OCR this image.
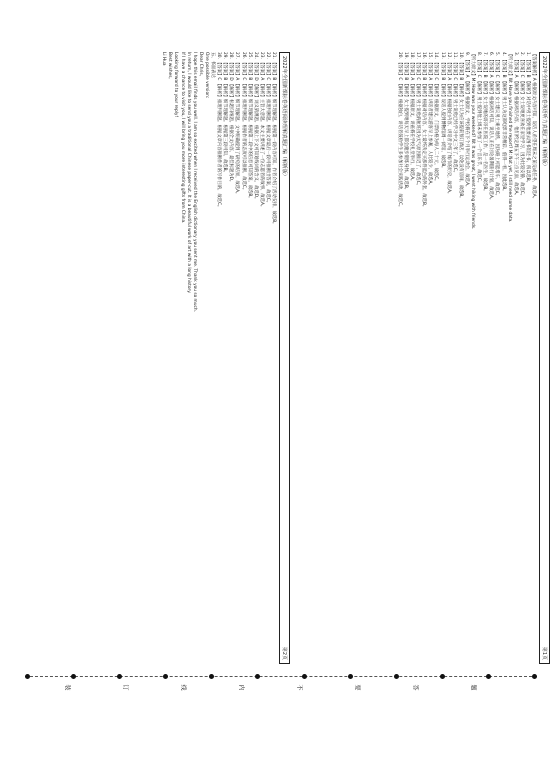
2022年全国新课标卷英语听力真题汇编（解析版）
第1页

【答案解析】A 根据原文内容可知，说话人希望在周末之前完成任务，故选A。

1. 【答案】B 【解析】对话中男士提到他要去图书馆还书，所以选B。

2. 【答案】C 【解析】女士说她更喜欢在家里学习，因为比较安静，故选C。

3. 【答案】A 【解析】根据对话内容，他们约定周五下午三点见面，故选A。

【听力原文】W: Have you finished the report? M: Not yet, I still need some data.

4. 【答案】B 【解析】男士认为这部电影非常精彩，值得一看，因此选B。

5. 【答案】C 【解析】女士建议男士乘坐地铁，因为路上可能堵车，故选C。

6. 【答案】A 【解析】根据对话可知，说话人正在讨论暑期旅行计划，故选A。

7. 【答案】B 【解析】女士说她的哥哥在医院工作，是一名医生，故选B。

8. 【答案】C 【解析】男士提到他上周末参加了一个音乐节，故选C。

【听力原文】M: How was your weekend? W: It was great, I went hiking with friends.

9. 【答案】A 【解析】根据原文，学校将在下个月举行运动会，故选A。

10. 【答案】B 【解析】女士认为应该提前预订酒店，以免没有房间，故选B。

11. 【答案】C 【解析】男士说他已经学习中文三年了，故选C。

12. 【答案】A 【解析】根据独白内容，讲话者介绍了城市的历史，故选A。

13. 【答案】B 【解析】说话人提到博物馆周一闭馆，故选B。

14. 【答案】C 【解析】根据原文，门票价格为每人二十元，故选C。

15. 【答案】A 【解析】讲话者建议游客早上参观，人比较少，故选A。

16. 【答案】B 【解析】根据对话内容，女士最终决定买那件蓝色的外套，故选B。

17. 【答案】C 【解析】男士说他的航班因为天气原因推迟了，故选C。

18. 【答案】A 【解析】根据原文，讲座将在学校礼堂举行，故选A。

19. 【答案】B 【解析】女士提到她每天早上都会跑步锻炼身体，故选B。

20. 【答案】C 【解析】根据独白，讲话者鼓励学生多参加社会实践活动，故选C。

2022年全国新课标卷英语阅读理解真题汇编（解析版）
第2页

21. 【答案】B 【解析】细节理解题。根据第一段内容可知，作者介绍了活动安排，故选B。

22. 【答案】C 【解析】推理判断题。根据文章最后一段可推断出答案，故选C。

23. 【答案】A 【解析】主旨大意题。本文主要讲述了一位志愿者的故事，故选A。

24. 【答案】D 【解析】词义猜测题。根据上下文可知划线词的含义，故选D。

25. 【答案】B 【解析】细节理解题。根据第二段中的信息可知答案，故选B。

26. 【答案】C 【解析】推理判断题。根据作者的态度可以推断，故选C。

27. 【答案】A 【解析】细节理解题。文中明确提到了研究的结果，故选A。

28. 【答案】D 【解析】标题归纳题。根据全文内容，最佳标题为D。

29. 【答案】B 【解析】细节理解题。根据第三段可知，故选B。

30. 【答案】C 【解析】推理判断题。根据文章内容推断作者的写作目的，故选C。

五、书面表达

One possible version:

Dear Chris,

I hope this email finds you well. I am so excited when I received the English dictionary you sent me. Thank you so much.

In return, I would like to send you a traditional Chinese paper-cut. It is a beautiful work of art with a long history.

If I have a chance to visit you, I will bring you more interesting gifts from China.

Looking forward to your reply!

Best wishes,

Li Hua

装	订	线	内	不	要	答	题
